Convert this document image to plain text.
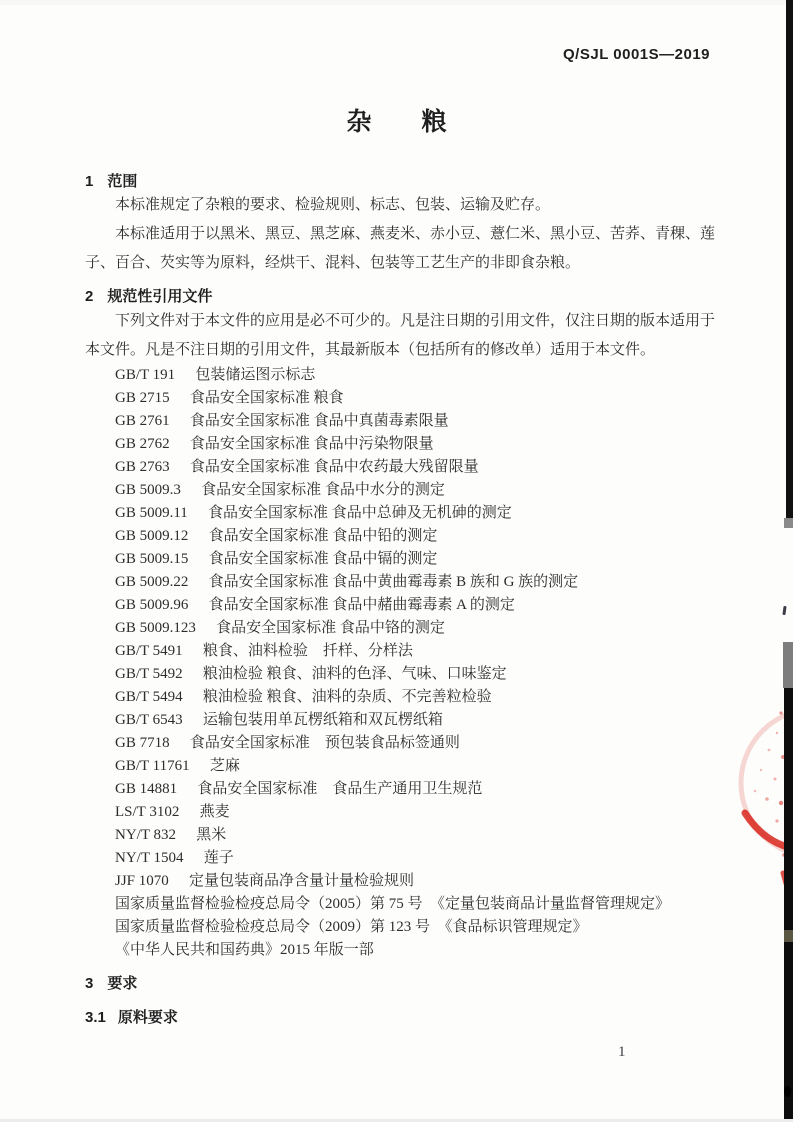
Q/SJL 0001S—2019
杂　　粮
1 范围

本标准规定了杂粮的要求、检验规则、标志、包装、运输及贮存。

本标准适用于以黑米、黑豆、黑芝麻、燕麦米、赤小豆、薏仁米、黑小豆、苦荞、青稞、莲子、百合、芡实等为原料，经烘干、混料、包装等工艺生产的非即食杂粮。

2 规范性引用文件

下列文件对于本文件的应用是必不可少的。凡是注日期的引用文件，仅注日期的版本适用于本文件。凡是不注日期的引用文件，其最新版本（包括所有的修改单）适用于本文件。

GB/T 191 包装储运图示标志
GB 2715 食品安全国家标准 粮食
GB 2761 食品安全国家标准 食品中真菌毒素限量
GB 2762 食品安全国家标准 食品中污染物限量
GB 2763 食品安全国家标准 食品中农药最大残留限量
GB 5009.3 食品安全国家标准 食品中水分的测定
GB 5009.11 食品安全国家标准 食品中总砷及无机砷的测定
GB 5009.12 食品安全国家标准 食品中铅的测定
GB 5009.15 食品安全国家标准 食品中镉的测定
GB 5009.22 食品安全国家标准 食品中黄曲霉毒素 B 族和 G 族的测定
GB 5009.96 食品安全国家标准 食品中赭曲霉毒素 A 的测定
GB 5009.123 食品安全国家标准 食品中铬的测定
GB/T 5491 粮食、油料检验　扦样、分样法
GB/T 5492 粮油检验 粮食、油料的色泽、气味、口味鉴定
GB/T 5494 粮油检验 粮食、油料的杂质、不完善粒检验
GB/T 6543 运输包装用单瓦楞纸箱和双瓦楞纸箱
GB 7718 食品安全国家标准　预包装食品标签通则
GB/T 11761 芝麻
GB 14881 食品安全国家标准　食品生产通用卫生规范
LS/T 3102 燕麦
NY/T 832 黑米
NY/T 1504 莲子
JJF 1070 定量包装商品净含量计量检验规则
国家质量监督检验检疫总局令（2005）第 75 号　《定量包装商品计量监督管理规定》
国家质量监督检验检疫总局令（2009）第 123 号　《食品标识管理规定》
《中华人民共和国药典》2015 年版一部
3 要求
3.1 原料要求
1
